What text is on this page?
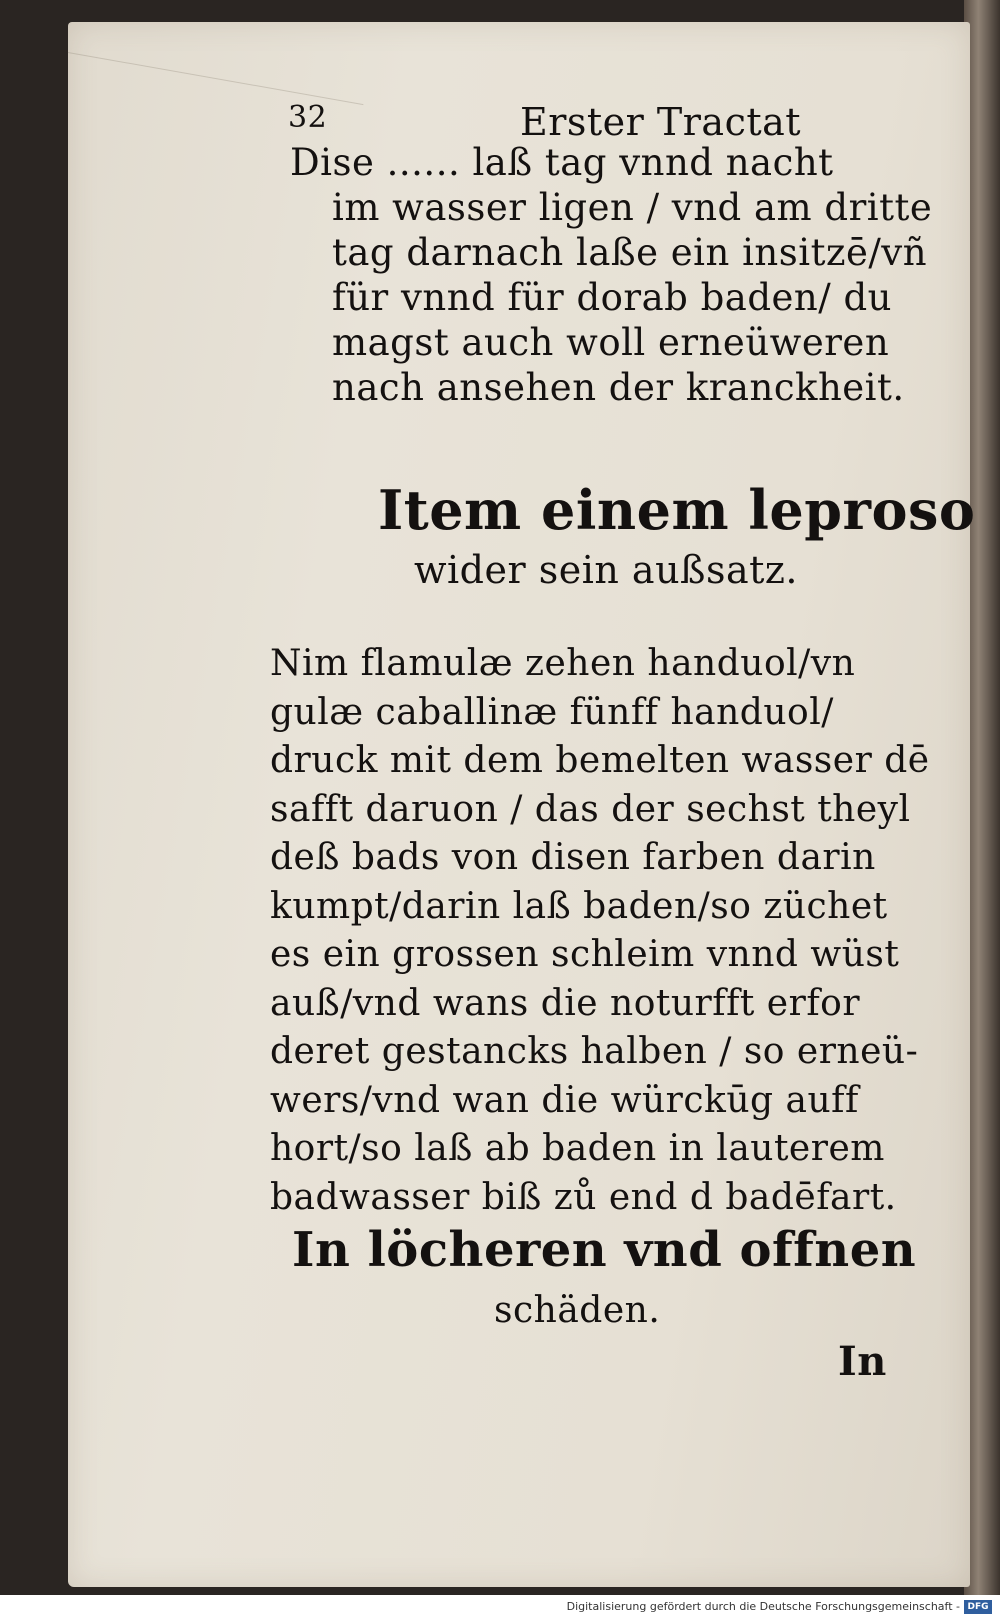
32	Erster Tractat
Dise ...... laß tag vnnd nacht
im wasser ligen / vnd am dritte
tag darnach laße ein insitzē/vñ
für vnnd für dorab baden/ du
magst auch woll erneüweren
nach ansehen der kranckheit.
Item einem leproso
wider sein außsatz.
Nim flamulæ zehen handuol/vn
gulæ caballinæ fünff handuol/
druck mit dem bemelten wasser dē
safft daruon / das der sechst theyl
deß bads von disen farben darin
kumpt/darin laß baden/so züchet
es ein grossen schleim vnnd wüst
auß/vnd wans die noturfft erfor
deret gestancks halben / so erneü-
wers/vnd wan die würckūg auff
hort/so laß ab baden in lauterem
badwasser biß zů end d badēfart.
In löcheren vnd offnen
schäden.
In
Digitalisierung gefördert durch die Deutsche Forschungsgemeinschaft - DFG
